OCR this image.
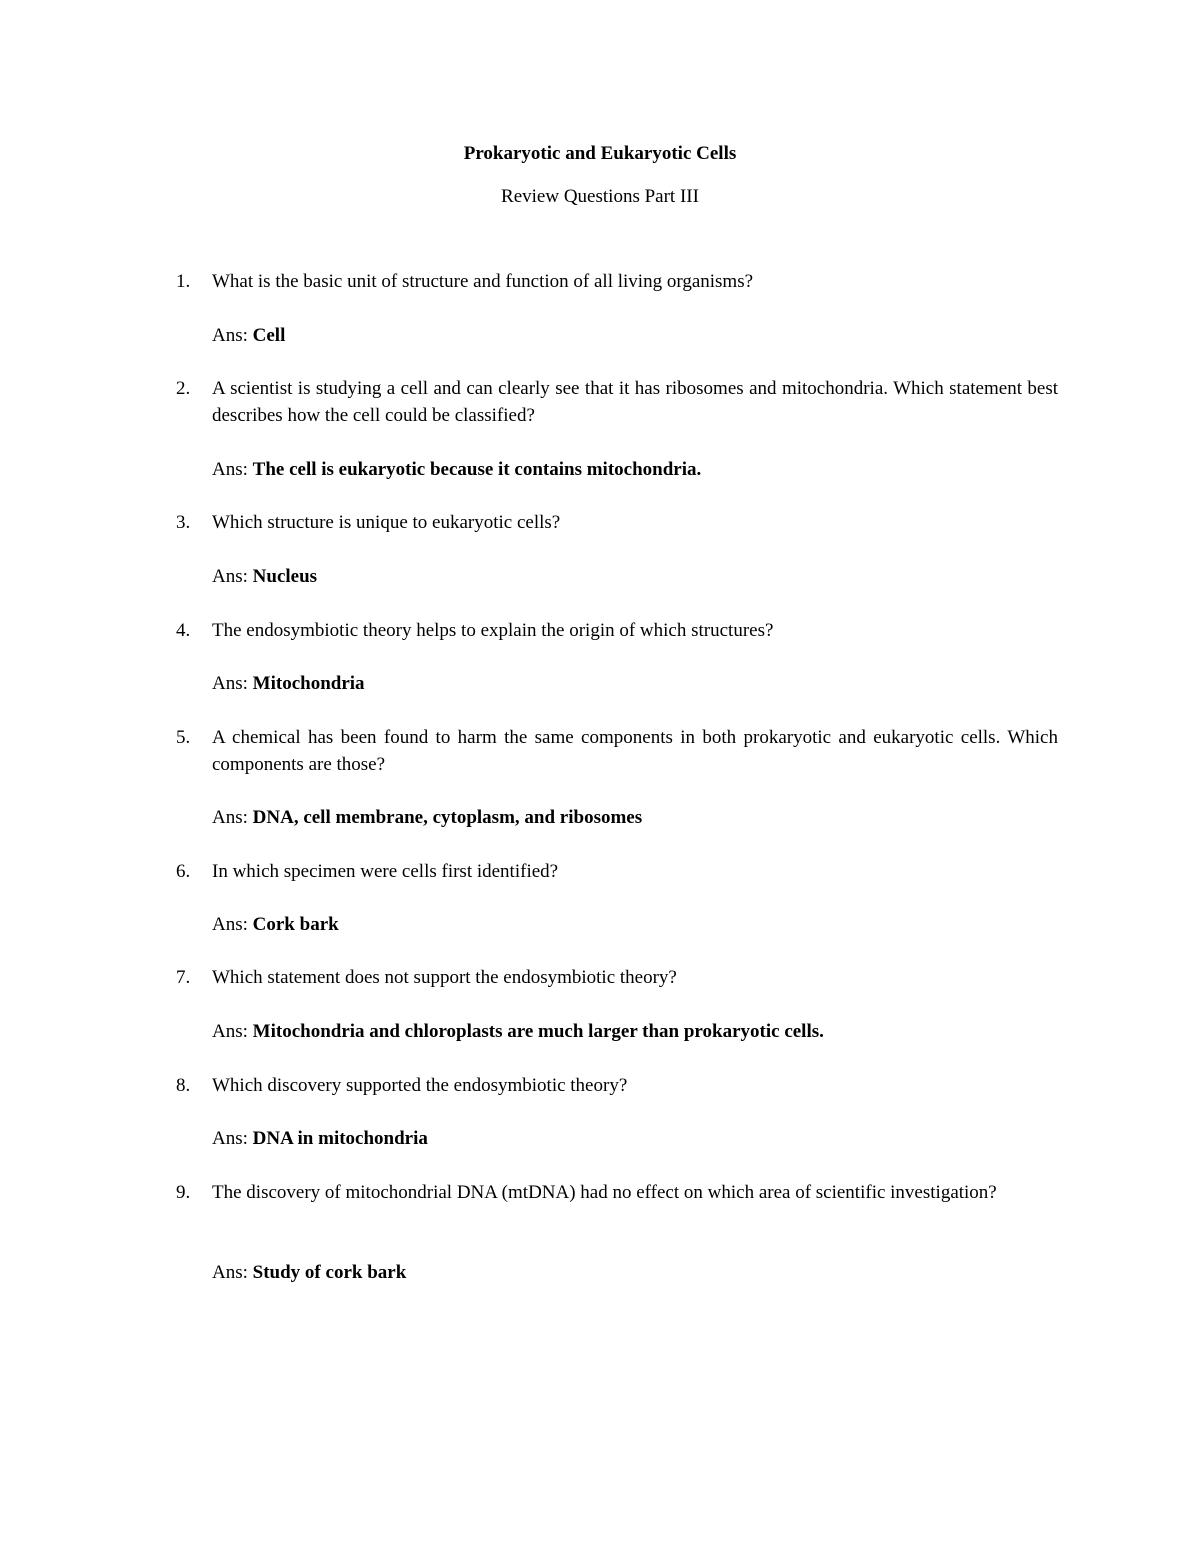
Prokaryotic and Eukaryotic Cells
Review Questions Part III
1.	What is the basic unit of structure and function of all living organisms?
Ans: Cell
2.	A scientist is studying a cell and can clearly see that it has ribosomes and mitochondria. Which statement best describes how the cell could be classified?
Ans: The cell is eukaryotic because it contains mitochondria.
3.	Which structure is unique to eukaryotic cells?
Ans: Nucleus
4.	The endosymbiotic theory helps to explain the origin of which structures?
Ans: Mitochondria
5.	A chemical has been found to harm the same components in both prokaryotic and eukaryotic cells. Which components are those?
Ans: DNA, cell membrane, cytoplasm, and ribosomes
6.	In which specimen were cells first identified?
Ans: Cork bark
7.	Which statement does not support the endosymbiotic theory?
Ans: Mitochondria and chloroplasts are much larger than prokaryotic cells.
8.	Which discovery supported the endosymbiotic theory?
Ans: DNA in mitochondria
9.	The discovery of mitochondrial DNA (mtDNA) had no effect on which area of scientific investigation?
Ans: Study of cork bark
